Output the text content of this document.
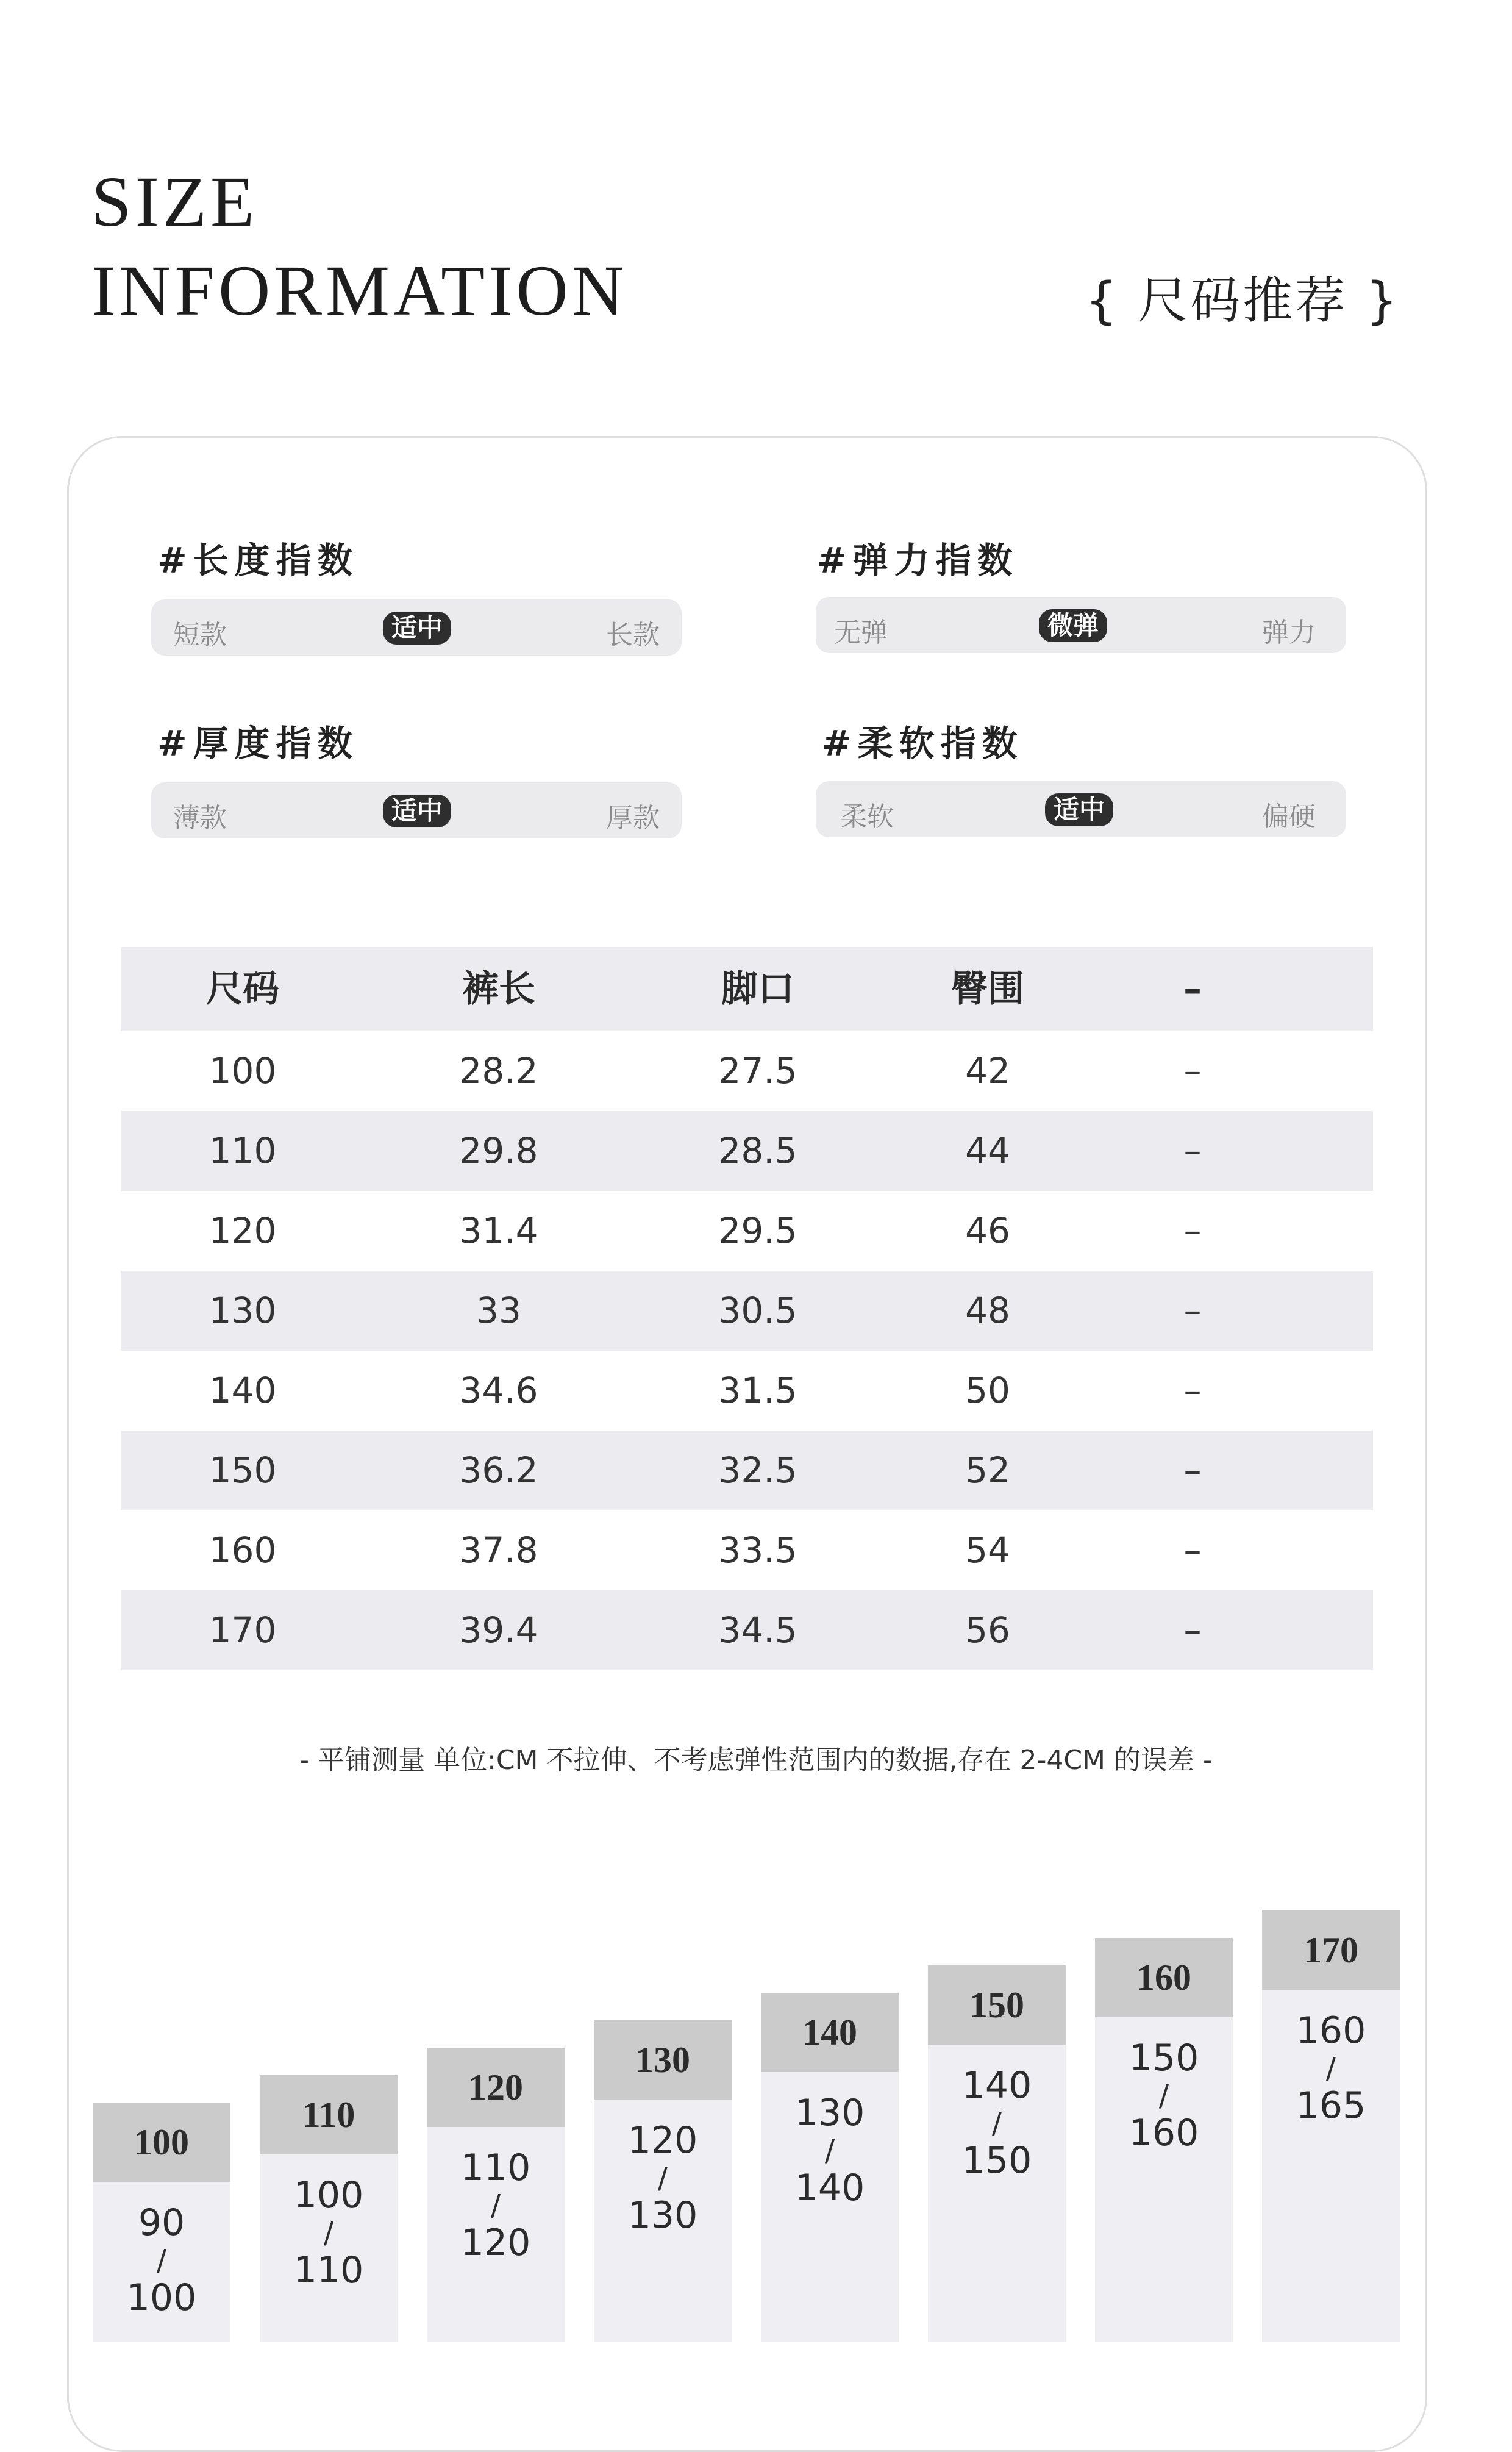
SIZE
INFORMATION	{ 尺码推荐 }
#长度指数
短款	适中	长款
#弹力指数
无弹	微弹	弹力
#厚度指数
薄款	适中	厚款
#柔软指数
柔软	适中	偏硬
尺码	裤长	脚口	臀围	–
100	28.2	27.5	42	–
110	29.8	28.5	44	–
120	31.4	29.5	46	–
130	33	30.5	48	–
140	34.6	31.5	50	–
150	36.2	32.5	52	–
160	37.8	33.5	54	–
170	39.4	34.5	56	–
- 平铺测量 单位:CM 不拉伸、不考虑弹性范围内的数据,存在 2-4CM 的误差 -
100
90
/
100
110
100
/
110
120
110
/
120
130
120
/
130
140
130
/
140
150
140
/
150
160
150
/
160
170
160
/
165
